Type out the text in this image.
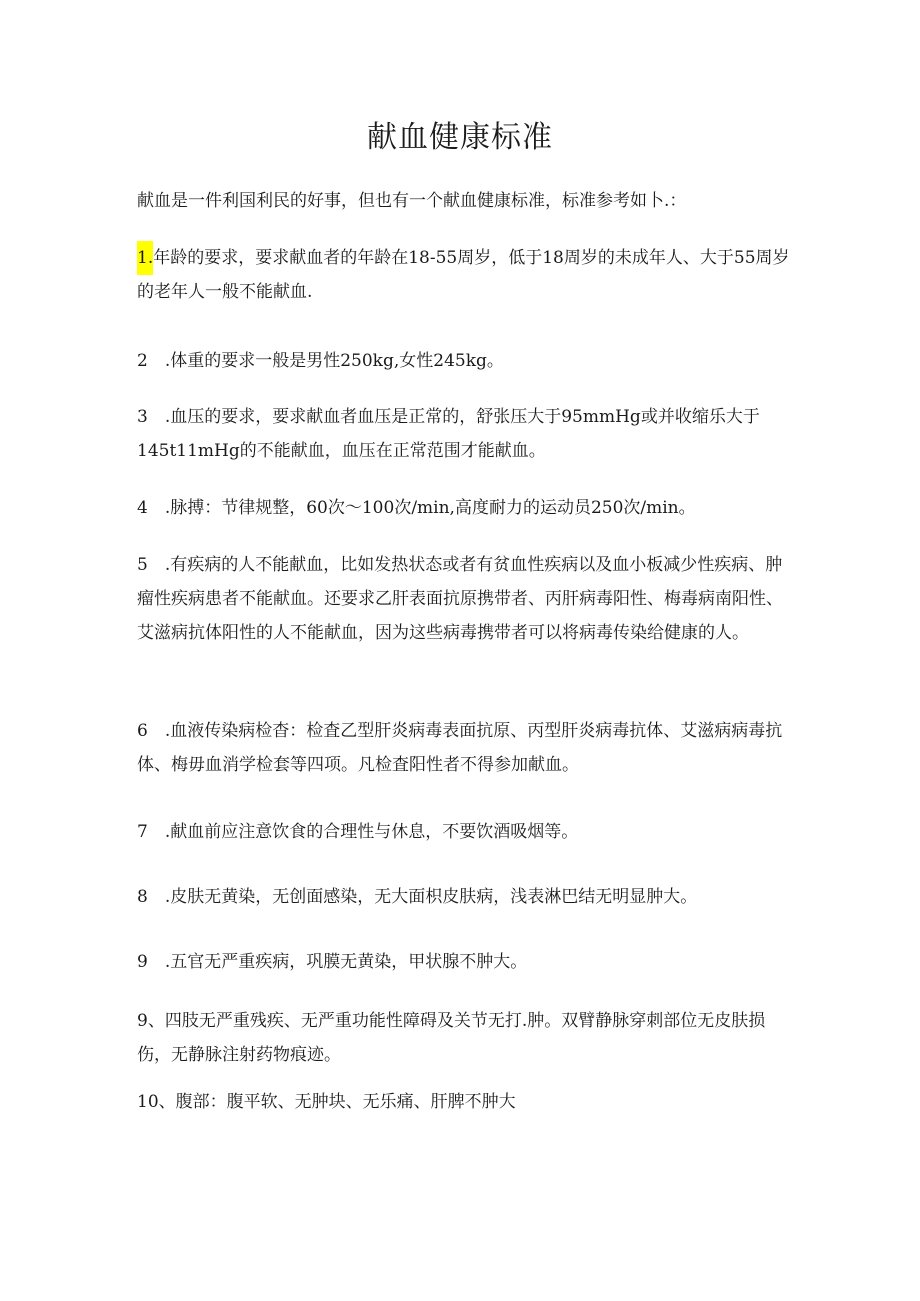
献血健康标准
献血是一件利国利民的好事，但也有一个献血健康标准，标准参考如卜.：
1.年龄的要求，要求献血者的年龄在18-55周岁，低于18周岁的未成年人、大于55周岁的老年人一般不能献血.
2　.体重的要求一般是男性250kg,女性245kg。
3　.血压的要求，要求献血者血压是正常的，舒张压大于95mmHg或并收缩乐大于145t11mHg的不能献血，血压在正常范围才能献血。
4　.脉搏：节律规整，60次～100次/min,高度耐力的运动员250次/min。
5　.有疾病的人不能献血，比如发热状态或者有贫血性疾病以及血小板减少性疾病、肿瘤性疾病患者不能献血。还要求乙肝表面抗原携带者、丙肝病毒阳性、梅毒病南阳性、艾滋病抗体阳性的人不能献血，因为这些病毒携带者可以将病毒传染给健康的人。
6　.血液传染病检杳：检査乙型肝炎病毒表面抗原、丙型肝炎病毒抗体、艾滋病病毒抗体、梅毋血消学检套等四项。凡检査阳性者不得参加献血。
7　.献血前应注意饮食的合理性与休息，不要饮酒吸烟等。
8　.皮肤无黄染，无创面感染，无大面枳皮肤病，浅表淋巴结无明显肿大。
9　.五官无严重疾病，巩膜无黄染，甲状腺不肿大。
9、四肢无严重残疾、无严重功能性障碍及关节无打.肿。双臂静脉穿刺部位无皮肤损伤，无静脉注射药物痕迹。
10、腹部：腹平软、无肿块、无乐痛、肝脾不肿大
